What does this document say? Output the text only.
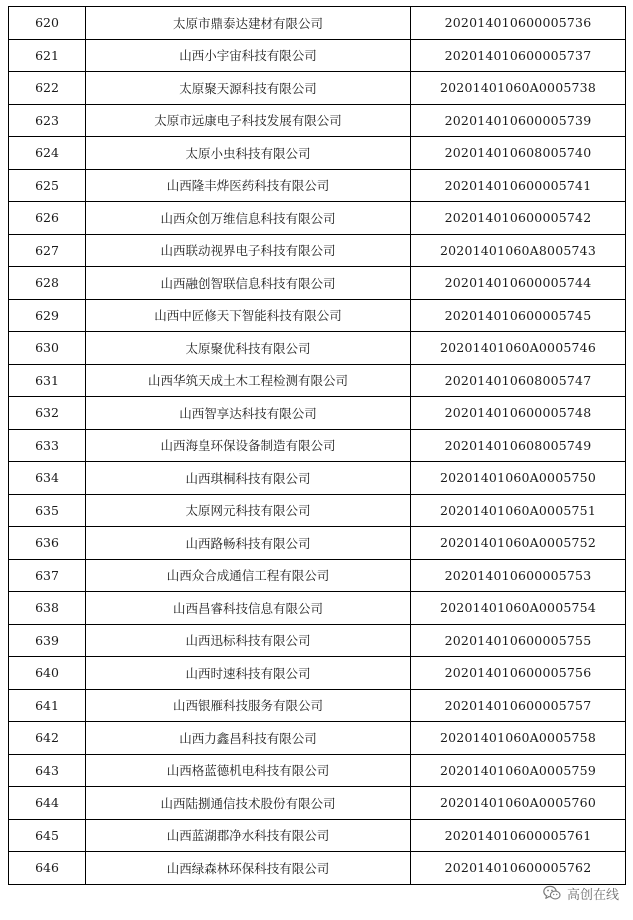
620	太原市鼎泰达建材有限公司	202014010600005736
621	山西小宇宙科技有限公司	202014010600005737
622	太原聚天源科技有限公司	20201401060A0005738
623	太原市远康电子科技发展有限公司	202014010600005739
624	太原小虫科技有限公司	202014010608005740
625	山西隆丰烨医药科技有限公司	202014010600005741
626	山西众创万维信息科技有限公司	202014010600005742
627	山西联动视界电子科技有限公司	20201401060A8005743
628	山西融创智联信息科技有限公司	202014010600005744
629	山西中匠修天下智能科技有限公司	202014010600005745
630	太原聚优科技有限公司	20201401060A0005746
631	山西华筑天成土木工程检测有限公司	202014010608005747
632	山西智享达科技有限公司	202014010600005748
633	山西海皇环保设备制造有限公司	202014010608005749
634	山西琪桐科技有限公司	20201401060A0005750
635	太原网元科技有限公司	20201401060A0005751
636	山西路畅科技有限公司	20201401060A0005752
637	山西众合成通信工程有限公司	202014010600005753
638	山西昌睿科技信息有限公司	20201401060A0005754
639	山西迅标科技有限公司	202014010600005755
640	山西时速科技有限公司	202014010600005756
641	山西银雁科技服务有限公司	202014010600005757
642	山西力鑫昌科技有限公司	20201401060A0005758
643	山西格蓝德机电科技有限公司	20201401060A0005759
644	山西陆捌通信技术股份有限公司	20201401060A0005760
645	山西蓝湖郡净水科技有限公司	202014010600005761
646	山西绿森林环保科技有限公司	202014010600005762
高创在线
